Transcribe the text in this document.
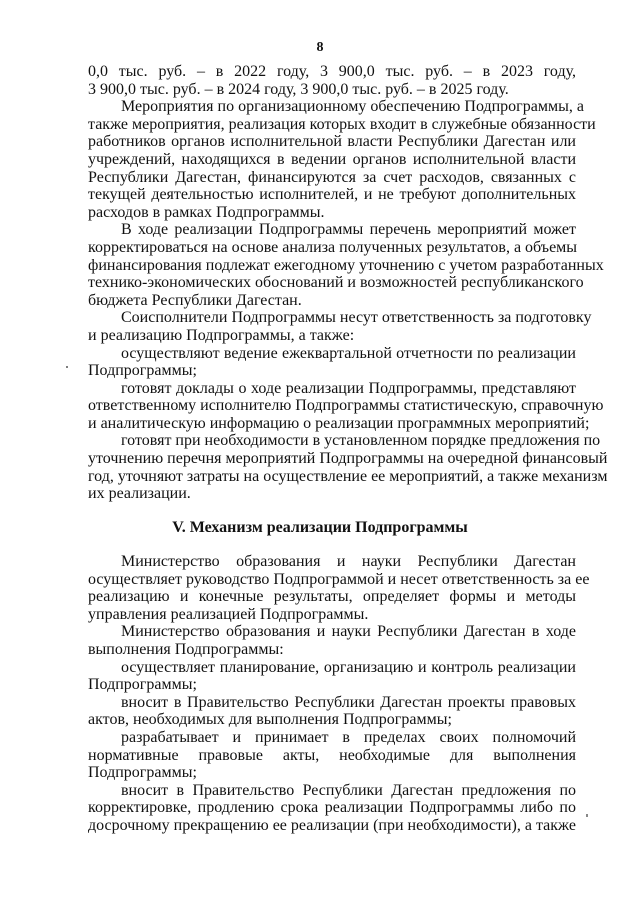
8
0,0 тыс. руб. – в 2022 году, 3 900,0 тыс. руб. – в 2023 году,
3 900,0 тыс. руб. – в 2024 году, 3 900,0 тыс. руб. – в 2025 году.
Мероприятия по организационному обеспечению Подпрограммы, а
также мероприятия, реализация которых входит в служебные обязанности
работников органов исполнительной власти Республики Дагестан или
учреждений, находящихся в ведении органов исполнительной власти
Республики Дагестан, финансируются за счет расходов, связанных с
текущей деятельностью исполнителей, и не требуют дополнительных
расходов в рамках Подпрограммы.
В ходе реализации Подпрограммы перечень мероприятий может
корректироваться на основе анализа полученных результатов, а объемы
финансирования подлежат ежегодному уточнению с учетом разработанных
технико-экономических обоснований и возможностей республиканского
бюджета Республики Дагестан.
Соисполнители Подпрограммы несут ответственность за подготовку
и реализацию Подпрограммы, а также:
осуществляют ведение ежеквартальной отчетности по реализации
Подпрограммы;
готовят доклады о ходе реализации Подпрограммы, представляют
ответственному исполнителю Подпрограммы статистическую, справочную
и аналитическую информацию о реализации программных мероприятий;
готовят при необходимости в установленном порядке предложения по
уточнению перечня мероприятий Подпрограммы на очередной финансовый
год, уточняют затраты на осуществление ее мероприятий, а также механизм
их реализации.
V. Механизм реализации Подпрограммы
Министерство образования и науки Республики Дагестан
осуществляет руководство Подпрограммой и несет ответственность за ее
реализацию и конечные результаты, определяет формы и методы
управления реализацией Подпрограммы.
Министерство образования и науки Республики Дагестан в ходе
выполнения Подпрограммы:
осуществляет планирование, организацию и контроль реализации
Подпрограммы;
вносит в Правительство Республики Дагестан проекты правовых
актов, необходимых для выполнения Подпрограммы;
разрабатывает и принимает в пределах своих полномочий
нормативные правовые акты, необходимые для выполнения
Подпрограммы;
вносит в Правительство Республики Дагестан предложения по
корректировке, продлению срока реализации Подпрограммы либо по
досрочному прекращению ее реализации (при необходимости), а также
